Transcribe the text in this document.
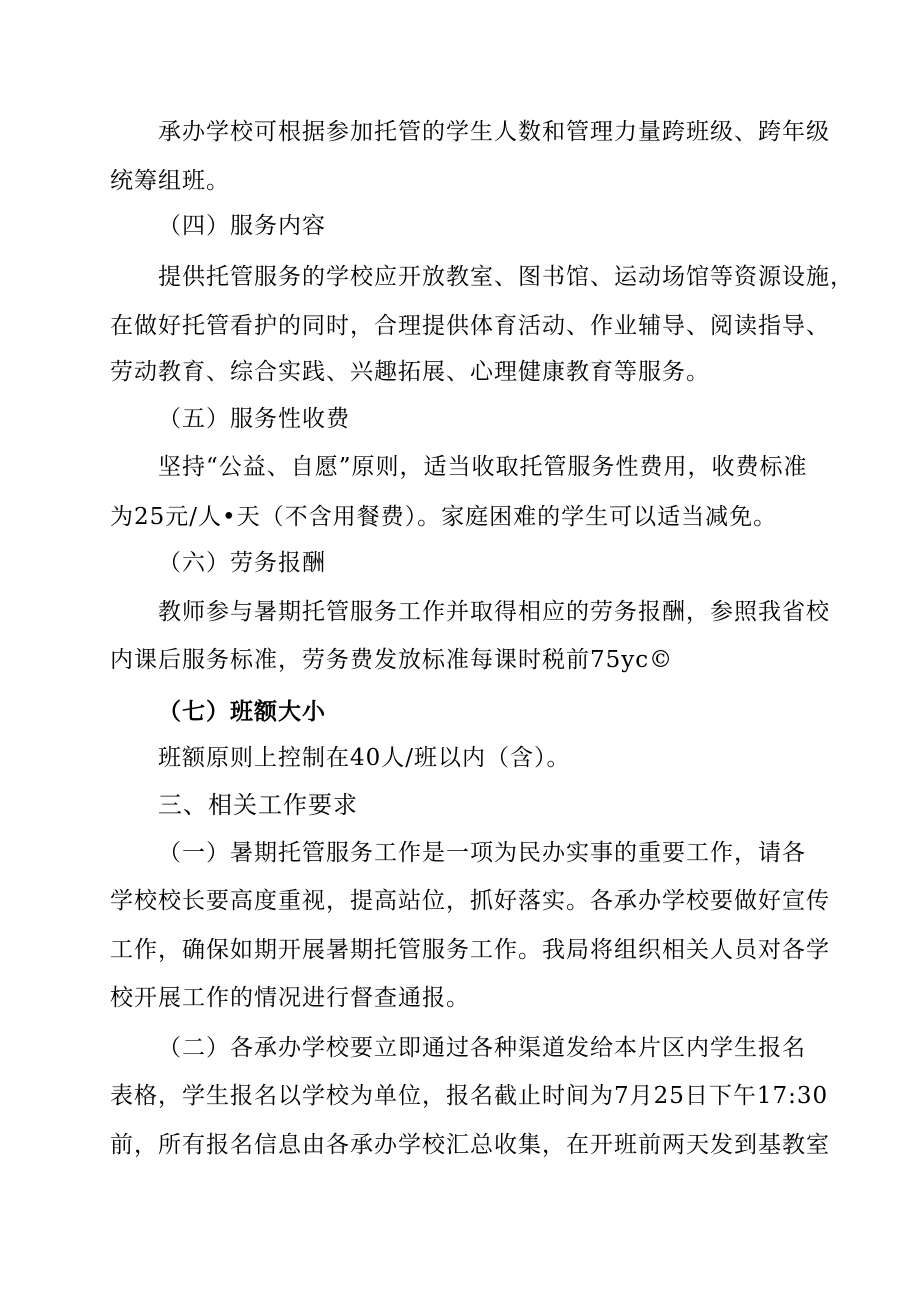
承办学校可根据参加托管的学生人数和管理力量跨班级、跨年级
统筹组班。
（四）服务内容
提供托管服务的学校应开放教室、图书馆、运动场馆等资源设施，
在做好托管看护的同时，合理提供体育活动、作业辅导、阅读指导、
劳动教育、综合实践、兴趣拓展、心理健康教育等服务。
（五）服务性收费
坚持“公益、自愿”原则，适当收取托管服务性费用，收费标准
为25元/人•天（不含用餐费）。家庭困难的学生可以适当减免。
（六）劳务报酬
教师参与暑期托管服务工作并取得相应的劳务报酬，参照我省校
内课后服务标准，劳务费发放标准每课时税前75yc©
（七）班额大小
班额原则上控制在40人/班以内（含）。
三、相关工作要求
（一）暑期托管服务工作是一项为民办实事的重要工作，请各
学校校长要高度重视，提高站位，抓好落实。各承办学校要做好宣传
工作，确保如期开展暑期托管服务工作。我局将组织相关人员对各学
校开展工作的情况进行督查通报。
（二）各承办学校要立即通过各种渠道发给本片区内学生报名
表格，学生报名以学校为单位，报名截止时间为7月25日下午17:30
前，所有报名信息由各承办学校汇总收集，在开班前两天发到基教室
